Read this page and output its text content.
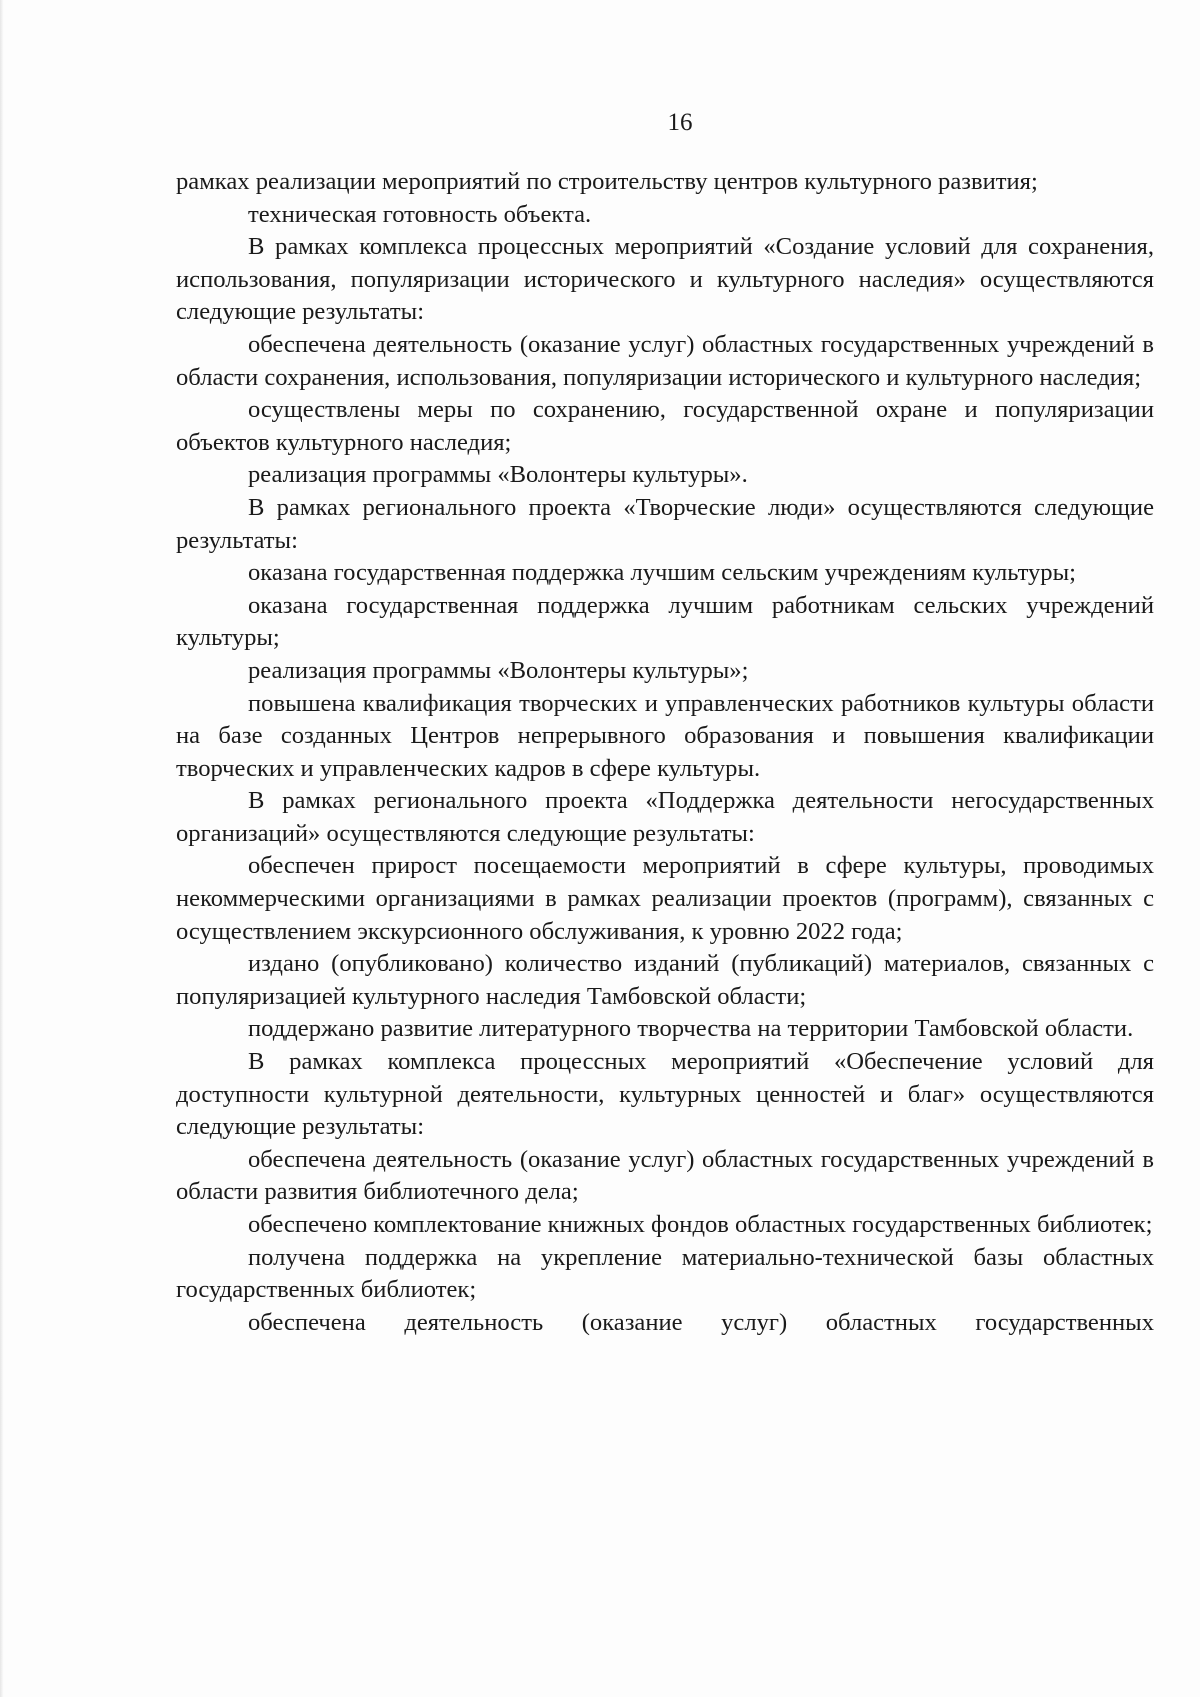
16

рамках реализации мероприятий по строительству центров культурного развития;

техническая готовность объекта.

В рамках комплекса процессных мероприятий «Создание условий для сохранения, использования, популяризации исторического и культурного наследия» осуществляются следующие результаты:

обеспечена деятельность (оказание услуг) областных государственных учреждений в области сохранения, использования, популяризации исторического и культурного наследия;

осуществлены меры по сохранению, государственной охране и популяризации объектов культурного наследия;

реализация программы «Волонтеры культуры».

В рамках регионального проекта «Творческие люди» осуществляются следующие результаты:

оказана государственная поддержка лучшим сельским учреждениям культуры;

оказана государственная поддержка лучшим работникам сельских учреждений культуры;

реализация программы «Волонтеры культуры»;

повышена квалификация творческих и управленческих работников культуры области на базе созданных Центров непрерывного образования и повышения квалификации творческих и управленческих кадров в сфере культуры.

В рамках регионального проекта «Поддержка деятельности негосударственных организаций» осуществляются следующие результаты:

обеспечен прирост посещаемости мероприятий в сфере культуры, проводимых некоммерческими организациями в рамках реализации проектов (программ), связанных с осуществлением экскурсионного обслуживания, к уровню 2022 года;

издано (опубликовано) количество изданий (публикаций) материалов, связанных с популяризацией культурного наследия Тамбовской области;

поддержано развитие литературного творчества на территории Тамбовской области.

В рамках комплекса процессных мероприятий «Обеспечение условий для доступности культурной деятельности, культурных ценностей и благ» осуществляются следующие результаты:

обеспечена деятельность (оказание услуг) областных государственных учреждений в области развития библиотечного дела;

обеспечено комплектование книжных фондов областных государственных библиотек;

получена поддержка на укрепление материально-технической базы областных государственных библиотек;

обеспечена деятельность (оказание услуг) областных государственных
